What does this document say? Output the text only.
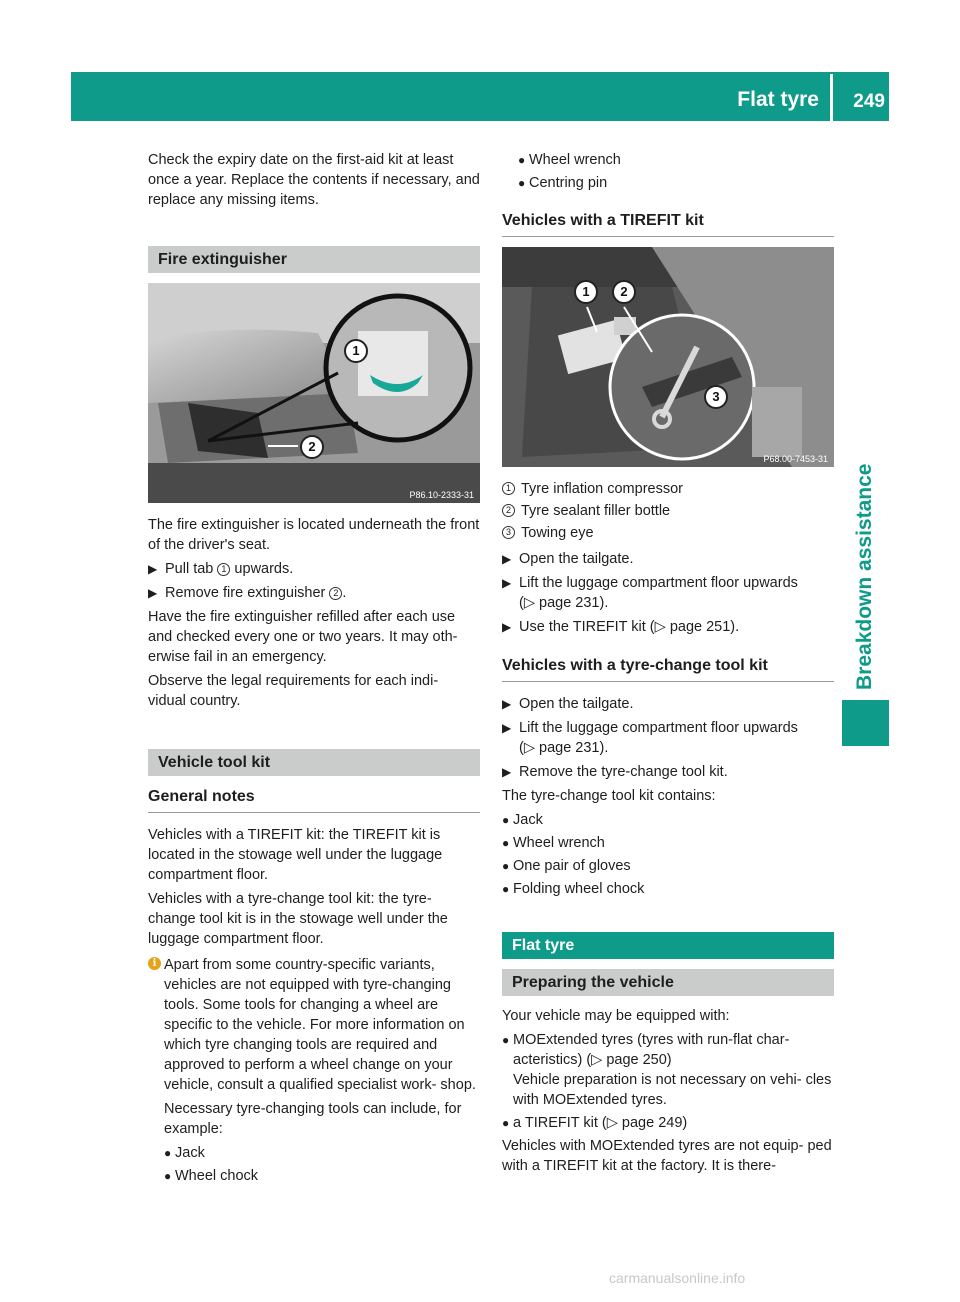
Flat tyre 249
Breakdown assistance

Check the expiry date on the first-aid kit at least once a year. Replace the contents if necessary, and replace any missing items.

Fire extinguisher
1
2
P86.10-2333-31

The fire extinguisher is located underneath the front of the driver's seat.

▶ Pull tab 1 upwards.
▶ Remove fire extinguisher 2 .

Have the fire extinguisher refilled after each use and checked every one or two years. It may oth- erwise fail in an emergency.

Observe the legal requirements for each indi- vidual country.

Vehicle tool kit
General notes

Vehicles with a TIREFIT kit: the TIREFIT kit is located in the stowage well under the luggage compartment floor.

Vehicles with a tyre-change tool kit: the tyre- change tool kit is in the stowage well under the luggage compartment floor.

i Apart from some country-specific variants, vehicles are not equipped with tyre-changing tools. Some tools for changing a wheel are specific to the vehicle. For more information on which tyre changing tools are required and approved to perform a wheel change on your vehicle, consult a qualified specialist work- shop.

Necessary tyre-changing tools can include, for example:

● Jack
● Wheel chock
● Wheel wrench
● Centring pin
Vehicles with a TIREFIT kit
1	2
3
P68.00-7453-31
1 Tyre inflation compressor
2 Tyre sealant filler bottle
3 Towing eye
▶ Open the tailgate.
▶ Lift the luggage compartment floor upwards
(▷ page 231).
▶ Use the TIREFIT kit (▷ page 251).
Vehicles with a tyre-change tool kit
▶ Open the tailgate.
▶ Lift the luggage compartment floor upwards
(▷ page 231).
▶ Remove the tyre-change tool kit.

The tyre-change tool kit contains:

● Jack
● Wheel wrench
● One pair of gloves
● Folding wheel chock
Flat tyre
Preparing the vehicle

Your vehicle may be equipped with:

● MOExtended tyres (tyres with run-flat char- acteristics) (▷ page 250)
Vehicle preparation is not necessary on vehi- cles with MOExtended tyres.
● a TIREFIT kit (▷ page 249)

Vehicles with MOExtended tyres are not equip- ped with a TIREFIT kit at the factory. It is there-

carmanualsonline.info
